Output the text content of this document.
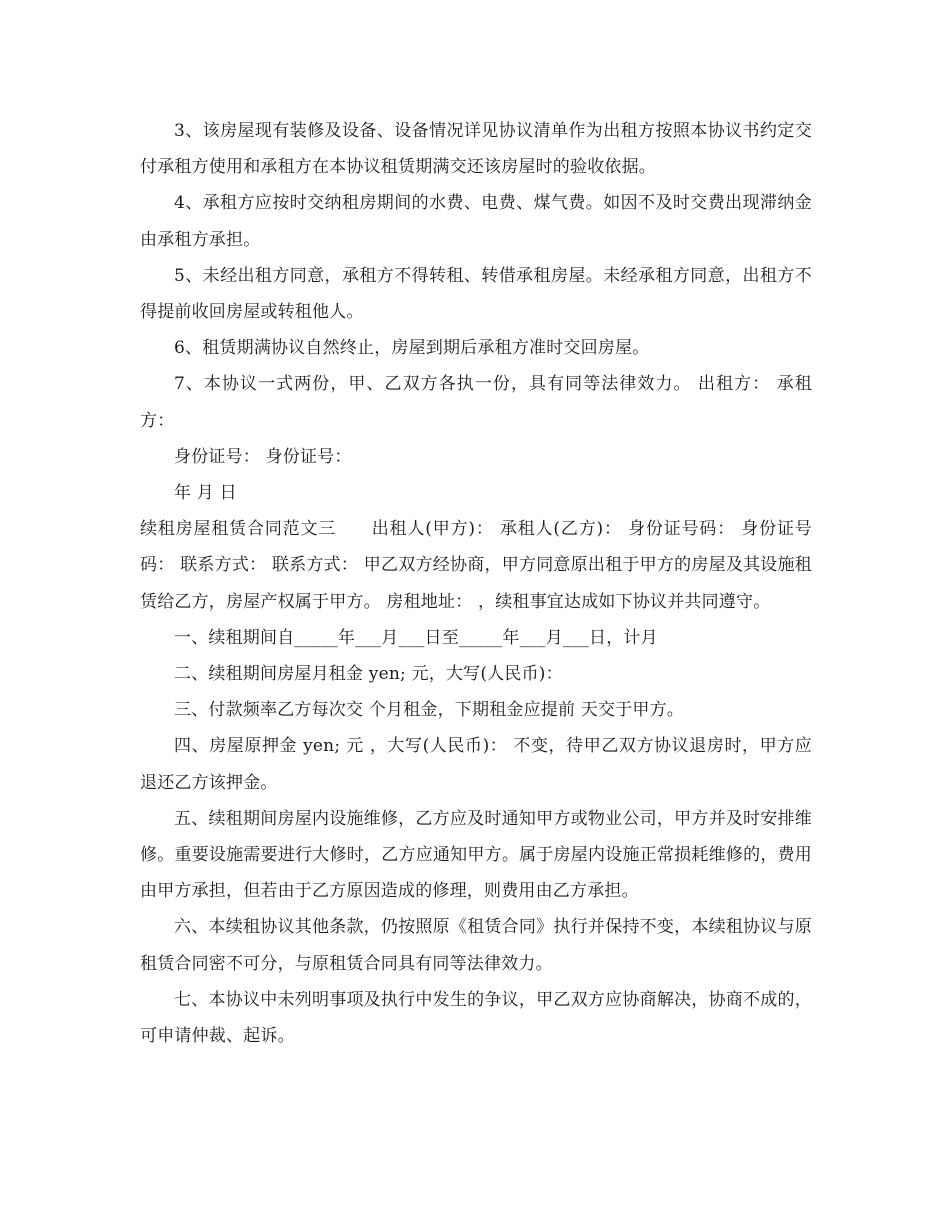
3、该房屋现有装修及设备、设备情况详见协议清单作为出租方按照本协议书约定交付承租方使用和承租方在本协议租赁期满交还该房屋时的验收依据。

4、承租方应按时交纳租房期间的水费、电费、煤气费。如因不及时交费出现滞纳金由承租方承担。

5、未经出租方同意，承租方不得转租、转借承租房屋。未经承租方同意，出租方不得提前收回房屋或转租他人。

6、租赁期满协议自然终止，房屋到期后承租方准时交回房屋。

7、本协议一式两份，甲、乙双方各执一份，具有同等法律效力。 出租方： 承租方：

身份证号： 身份证号：

年 月 日

续租房屋租赁合同范文三　　出租人(甲方)： 承租人(乙方)： 身份证号码： 身份证号码： 联系方式： 联系方式： 甲乙双方经协商，甲方同意原出租于甲方的房屋及其设施租赁给乙方，房屋产权属于甲方。 房租地址： ，续租事宜达成如下协议并共同遵守。

一、续租期间自_____年___月___日至_____年___月___日，计月

二、续租期间房屋月租金 yen; 元，大写(人民币)：

三、付款频率乙方每次交 个月租金，下期租金应提前 天交于甲方。

四、房屋原押金 yen; 元 ，大写(人民币)： 不变，待甲乙双方协议退房时，甲方应退还乙方该押金。

五、续租期间房屋内设施维修，乙方应及时通知甲方或物业公司，甲方并及时安排维修。重要设施需要进行大修时，乙方应通知甲方。属于房屋内设施正常损耗维修的，费用由甲方承担，但若由于乙方原因造成的修理，则费用由乙方承担。

六、本续租协议其他条款，仍按照原《租赁合同》执行并保持不变，本续租协议与原租赁合同密不可分，与原租赁合同具有同等法律效力。

七、本协议中未列明事项及执行中发生的争议，甲乙双方应协商解决，协商不成的，可申请仲裁、起诉。
